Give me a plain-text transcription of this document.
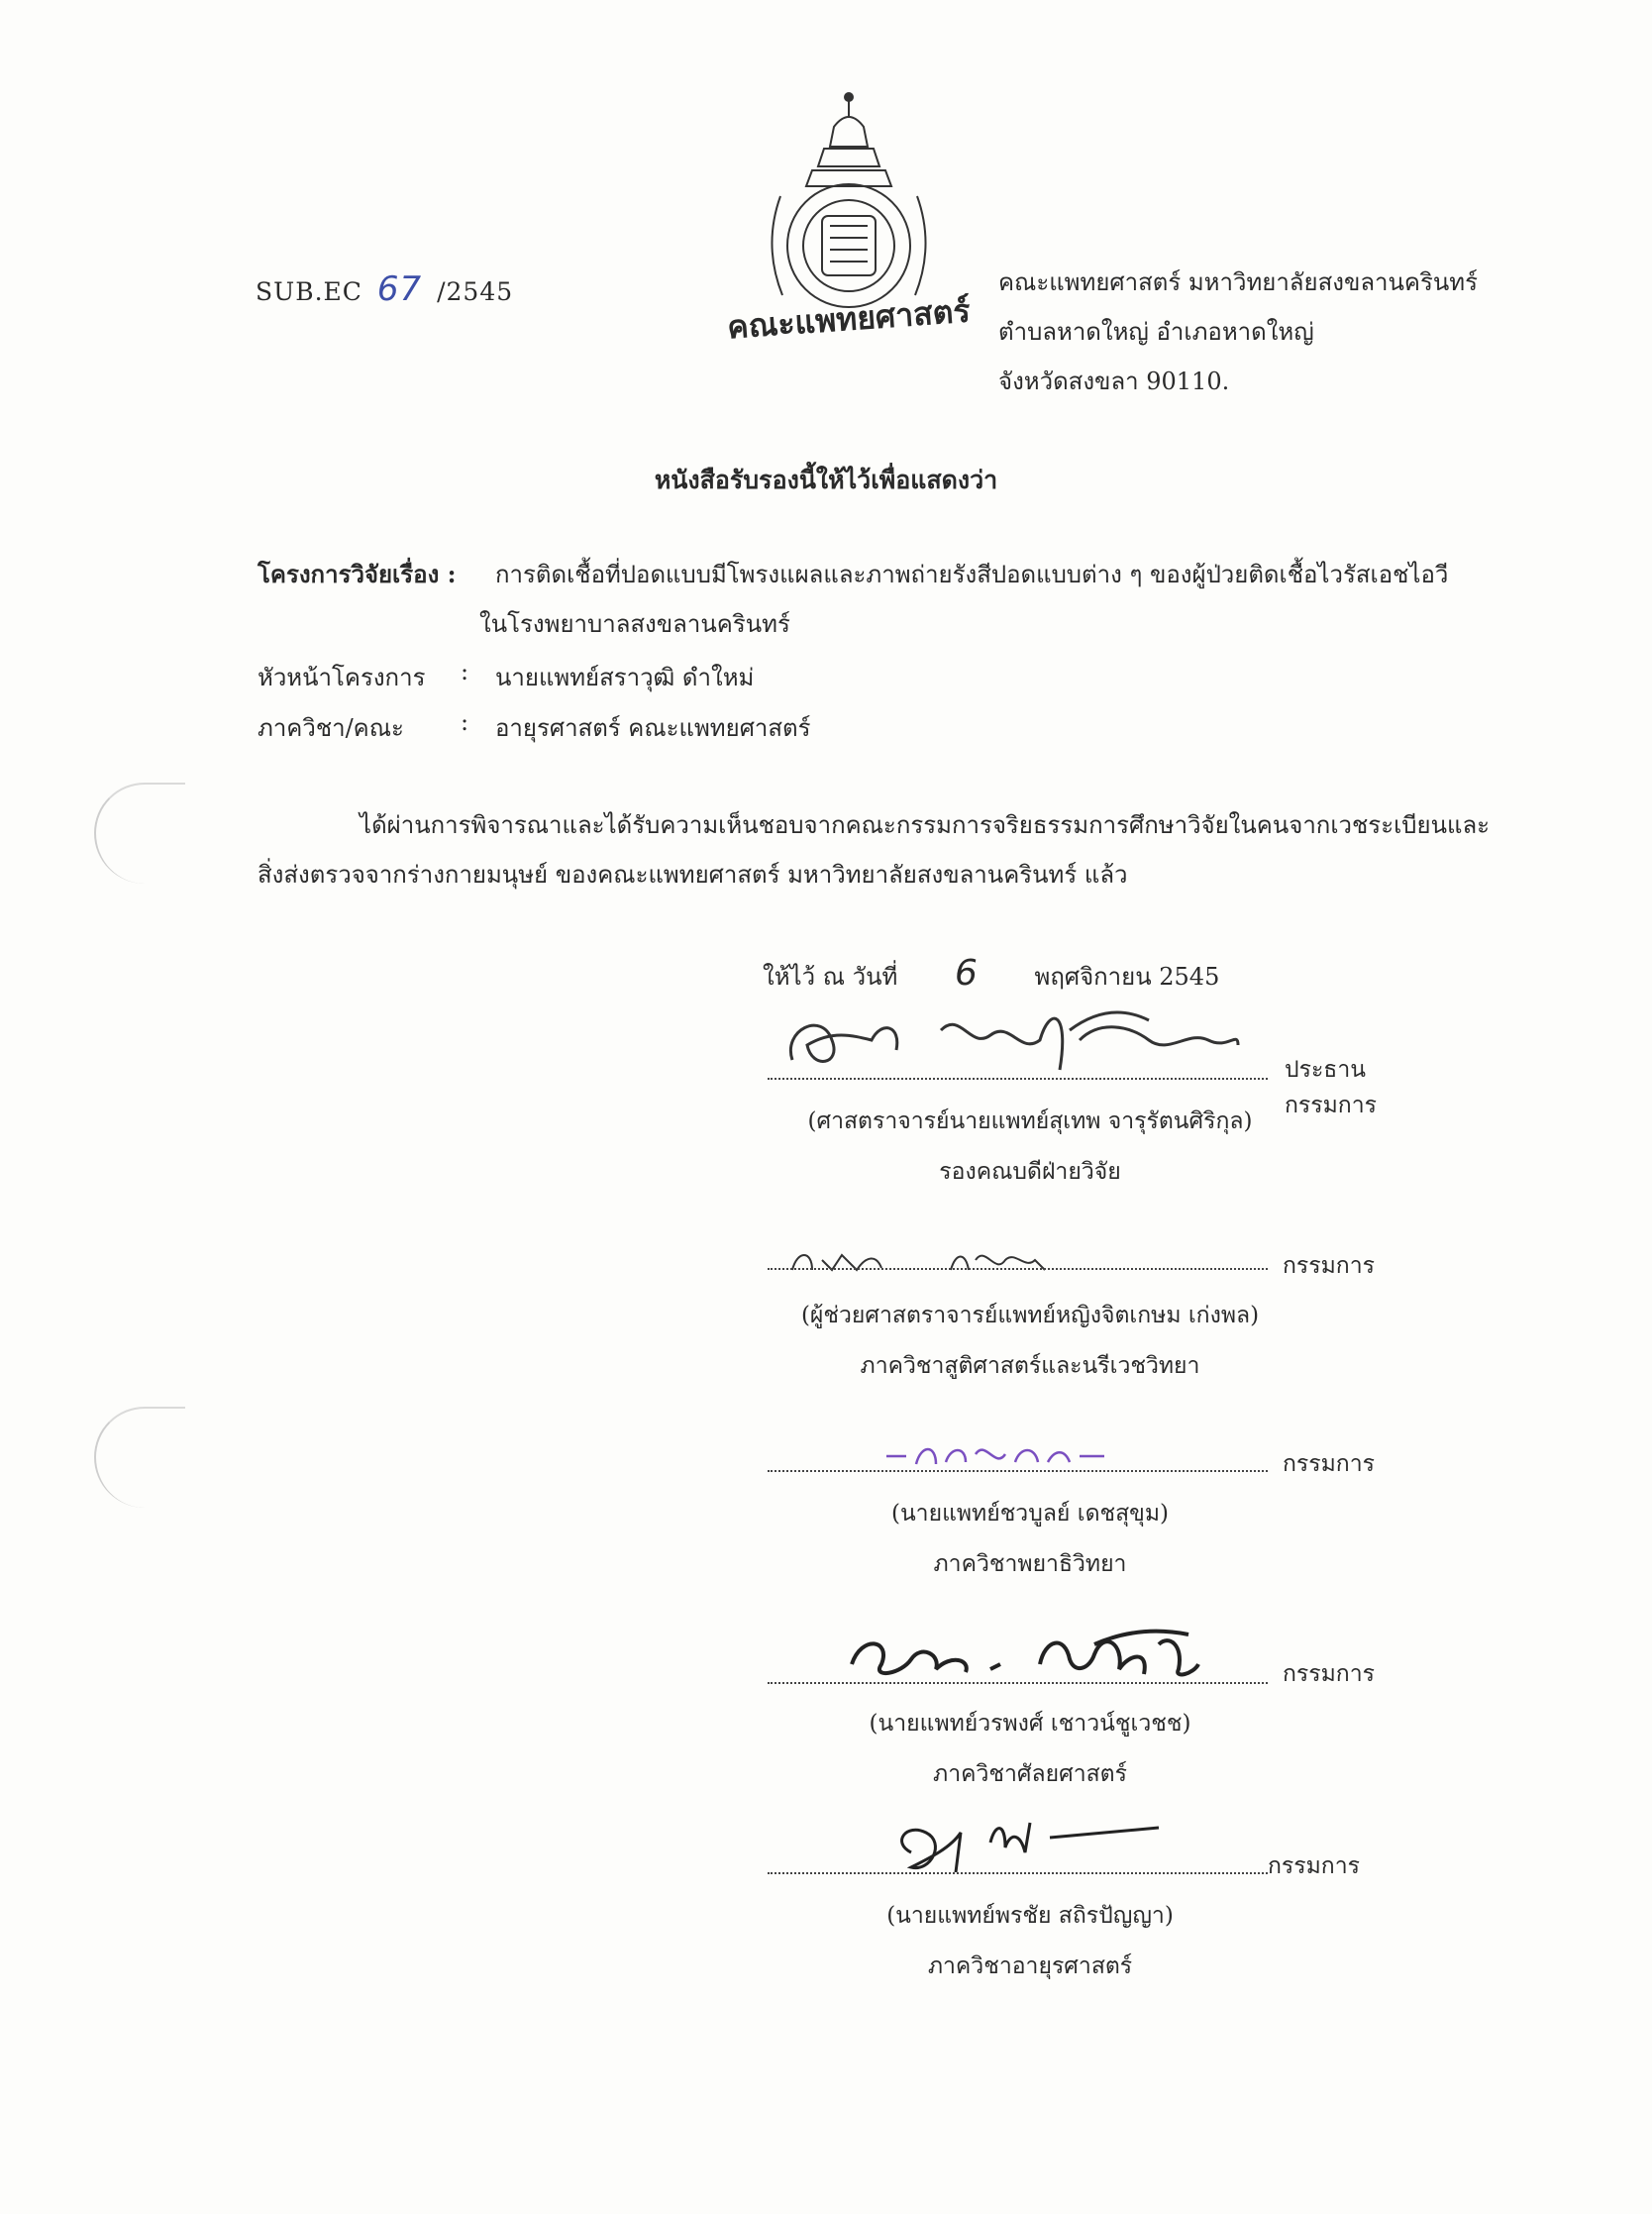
SUB.EC 67 /2545	คณะแพทยศาสตร์
คณะแพทยศาสตร์ มหาวิทยาลัยสงขลานครินทร์
ตำบลหาดใหญ่ อำเภอหาดใหญ่
จังหวัดสงขลา 90110.
หนังสือรับรองนี้ให้ไว้เพื่อแสดงว่า
โครงการวิจัยเรื่อง : การติดเชื้อที่ปอดแบบมีโพรงแผลและภาพถ่ายรังสีปอดแบบต่าง ๆ ของผู้ป่วยติดเชื้อไวรัสเอชไอวี
ในโรงพยาบาลสงขลานครินทร์
หัวหน้าโครงการ : นายแพทย์สราวุฒิ ดำใหม่
ภาควิชา/คณะ : อายุรศาสตร์ คณะแพทยศาสตร์

ได้ผ่านการพิจารณาและได้รับความเห็นชอบจากคณะกรรมการจริยธรรมการศึกษาวิจัยในคนจากเวชระเบียนและ

สิ่งส่งตรวจจากร่างกายมนุษย์ ของคณะแพทยศาสตร์ มหาวิทยาลัยสงขลานครินทร์ แล้ว

ให้ไว้ ณ วันที่ 6 พฤศจิกายน 2545
ประธานกรรมการ
(ศาสตราจารย์นายแพทย์สุเทพ จารุรัตนศิริกุล)
รองคณบดีฝ่ายวิจัย
กรรมการ
(ผู้ช่วยศาสตราจารย์แพทย์หญิงจิตเกษม เก่งพล)
ภาควิชาสูติศาสตร์และนรีเวชวิทยา
กรรมการ
(นายแพทย์ชวบูลย์ เดชสุขุม)
ภาควิชาพยาธิวิทยา
กรรมการ
(นายแพทย์วรพงศ์ เชาวน์ชูเวชช)
ภาควิชาศัลยศาสตร์
กรรมการ
(นายแพทย์พรชัย สถิรปัญญา)
ภาควิชาอายุรศาสตร์
